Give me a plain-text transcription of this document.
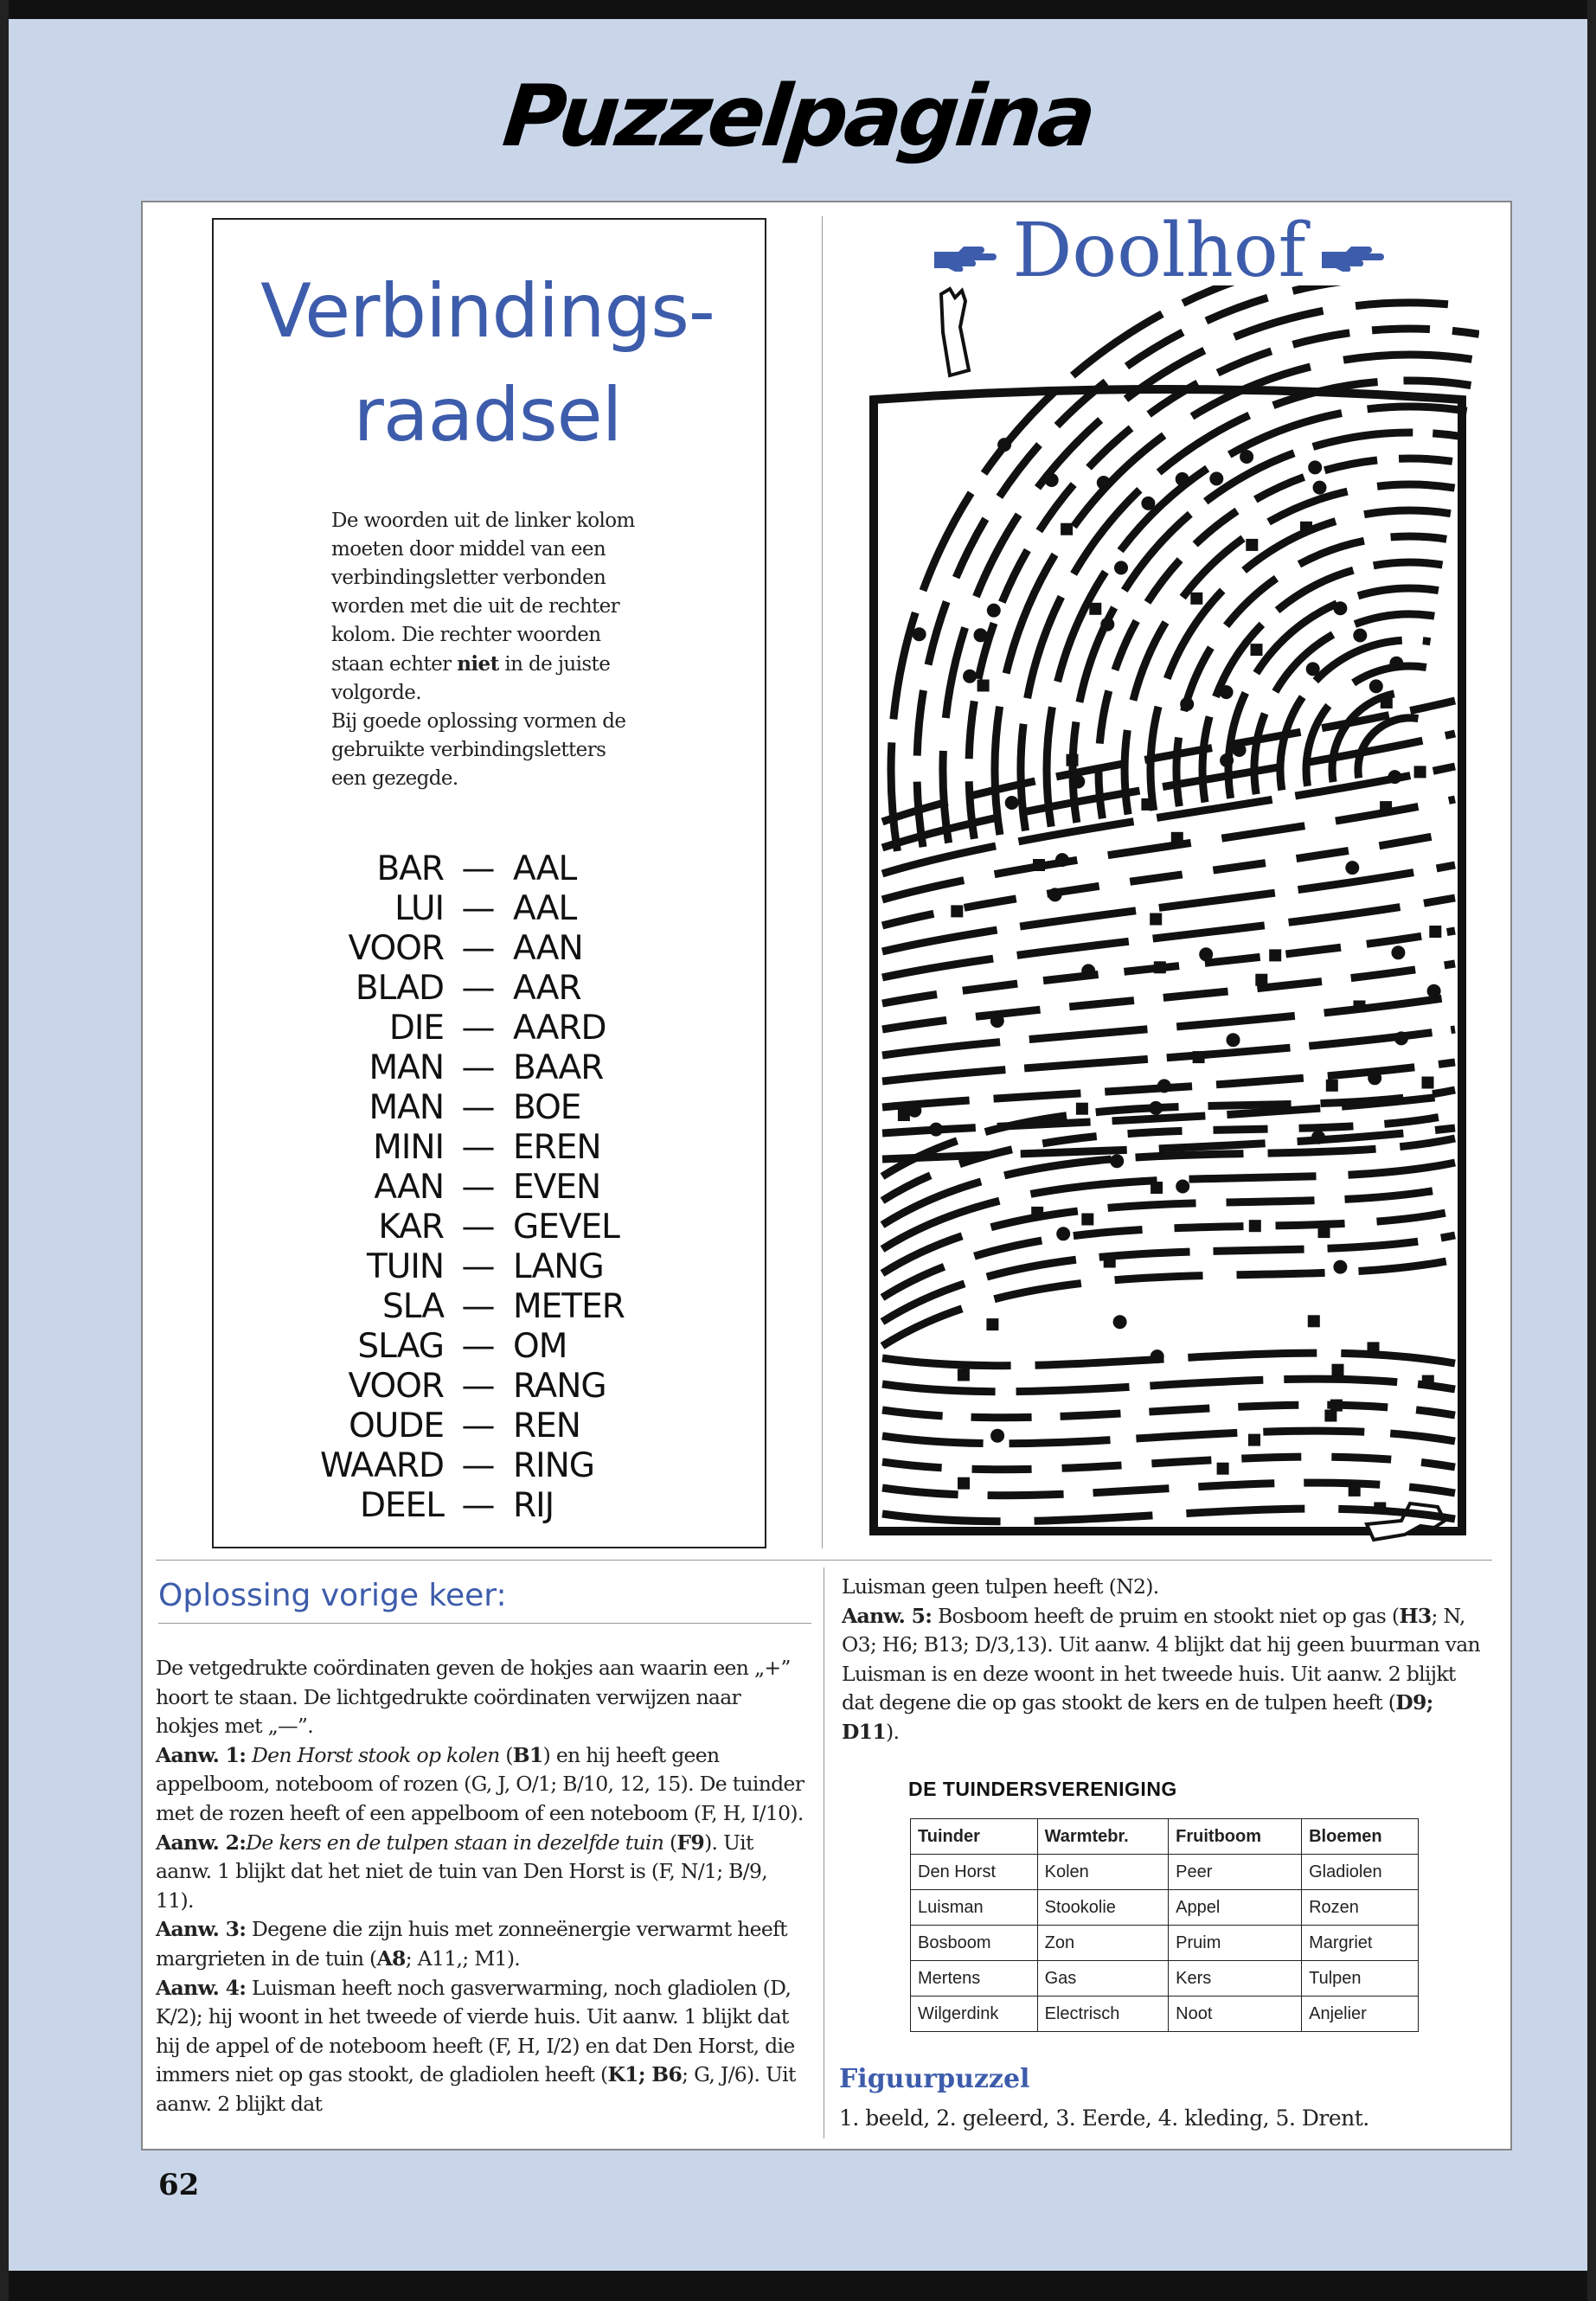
Puzzelpagina
Verbindings-
raadsel

De woorden uit de linker kolom moeten door middel van een verbindingsletter verbonden worden met die uit de rechter kolom. Die rechter woorden staan echter niet in de juiste volgorde.

Bij goede oplossing vormen de gebruikte verbindingsletters een gezegde.

BAR — AAL
LUI — AAL
VOOR — AAN
BLAD — AAR
DIE — AARD
MAN — BAAR
MAN — BOE
MINI — EREN
AAN — EVEN
KAR — GEVEL
TUIN — LANG
SLA — METER
SLAG — OM
VOOR — RANG
OUDE — REN
WAARD — RING
DEEL — RIJ
Doolhof
Oplossing vorige keer:

De vetgedrukte coördinaten geven de hokjes aan waarin een „+” hoort te staan. De lichtgedrukte coördinaten verwijzen naar hokjes met „—”.

Aanw. 1: Den Horst stook op kolen (B1) en hij heeft geen appelboom, noteboom of rozen (G, J, O/1; B/10, 12, 15). De tuinder met de rozen heeft of een appelboom of een noteboom (F, H, I/10).

Aanw. 2:De kers en de tulpen staan in dezelfde tuin (F9). Uit aanw. 1 blijkt dat het niet de tuin van Den Horst is (F, N/1; B/9, 11).

Aanw. 3: Degene die zijn huis met zonneënergie verwarmt heeft margrieten in de tuin (A8; A11,; M1).

Aanw. 4: Luisman heeft noch gasverwarming, noch gladiolen (D, K/2); hij woont in het tweede of vierde huis. Uit aanw. 1 blijkt dat hij de appel of de noteboom heeft (F, H, I/2) en dat Den Horst, die immers niet op gas stookt, de gladiolen heeft (K1; B6; G, J/6). Uit aanw. 2 blijkt dat

Luisman geen tulpen heeft (N2).

Aanw. 5: Bosboom heeft de pruim en stookt niet op gas (H3; N, O3; H6; B13; D/3,13). Uit aanw. 4 blijkt dat hij geen buurman van Luisman is en deze woont in het tweede huis. Uit aanw. 2 blijkt dat degene die op gas stookt de kers en de tulpen heeft (D9; D11).

DE TUINDERSVERENIGING
Tuinder	Warmtebr.	Fruitboom	Bloemen
Den Horst	Kolen	Peer	Gladiolen
Luisman	Stookolie	Appel	Rozen
Bosboom	Zon	Pruim	Margriet
Mertens	Gas	Kers	Tulpen
Wilgerdink	Electrisch	Noot	Anjelier
Figuurpuzzel
1. beeld, 2. geleerd, 3. Eerde, 4. kleding, 5. Drent.
62
